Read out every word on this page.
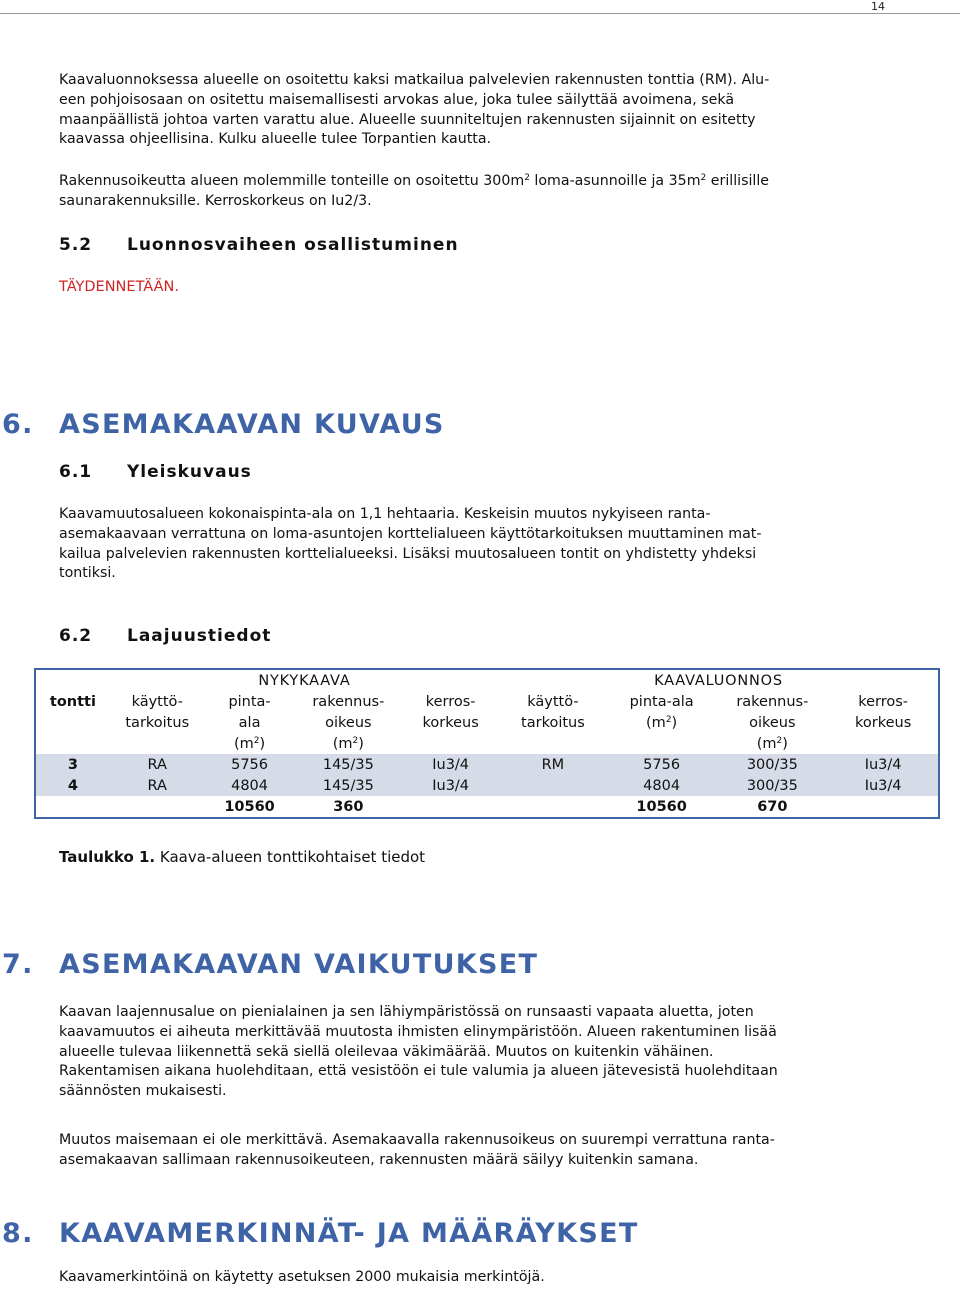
14

Kaavaluonnoksessa alueelle on osoitettu kaksi matkailua palvelevien rakennusten tonttia (RM). Alu-
een pohjoisosaan on ositettu maisemallisesti arvokas alue, joka tulee säilyttää avoimena, sekä
maanpäällistä johtoa varten varattu alue. Alueelle suunniteltujen rakennusten sijainnit on esitetty
kaavassa ohjeellisina. Kulku alueelle tulee Torpantien kautta.

Rakennusoikeutta alueen molemmille tonteille on osoitettu $300m^2$ loma-asunnoille ja $35m^2$ erillisille
saunarakennuksille. Kerroskorkeus on Iu2/3.

5.2 Luonnosvaiheen osallistuminen

TÄYDENNETÄÄN.

6. ASEMAKAAVAN KUVAUS
6.1 Yleiskuvaus

Kaavamuutosalueen kokonaispinta-ala on 1,1 hehtaaria. Keskeisin muutos nykyiseen ranta-
asemakaavaan verrattuna on loma-asuntojen korttelialueen käyttötarkoituksen muuttaminen mat-
kailua palvelevien rakennusten korttelialueeksi. Lisäksi muutosalueen tontit on yhdistetty yhdeksi
tontiksi.

6.2 Laajuustiedot
	NYKYKAAVA				KAAVALUONNOS			
tontti	käyttö-	pinta-	rakennus-	kerros-	käyttö-	pinta-ala	rakennus-	kerros-
	tarkoitus	ala	oikeus	korkeus	tarkoitus	$(m^2)$	oikeus	korkeus
		$(m^2)$	$(m^2)$				$(m^2)$	
3	RA	5756	145/35	Iu3/4	RM	5756	300/35	Iu3/4
4	RA	4804	145/35	Iu3/4		4804	300/35	Iu3/4
		10560	360			10560	670	

Taulukko 1. Kaava-alueen tonttikohtaiset tiedot

7. ASEMAKAAVAN VAIKUTUKSET

Kaavan laajennusalue on pienialainen ja sen lähiympäristössä on runsaasti vapaata aluetta, joten
kaavamuutos ei aiheuta merkittävää muutosta ihmisten elinympäristöön. Alueen rakentuminen lisää
alueelle tulevaa liikennettä sekä siellä oleilevaa väkimäärää. Muutos on kuitenkin vähäinen.
Rakentamisen aikana huolehditaan, että vesistöön ei tule valumia ja alueen jätevesistä huolehditaan
säännösten mukaisesti.

Muutos maisemaan ei ole merkittävä. Asemakaavalla rakennusoikeus on suurempi verrattuna ranta-
asemakaavan sallimaan rakennusoikeuteen, rakennusten määrä säilyy kuitenkin samana.

8. KAAVAMERKINNÄT- JA MÄÄRÄYKSET

Kaavamerkintöinä on käytetty asetuksen 2000 mukaisia merkintöjä.
